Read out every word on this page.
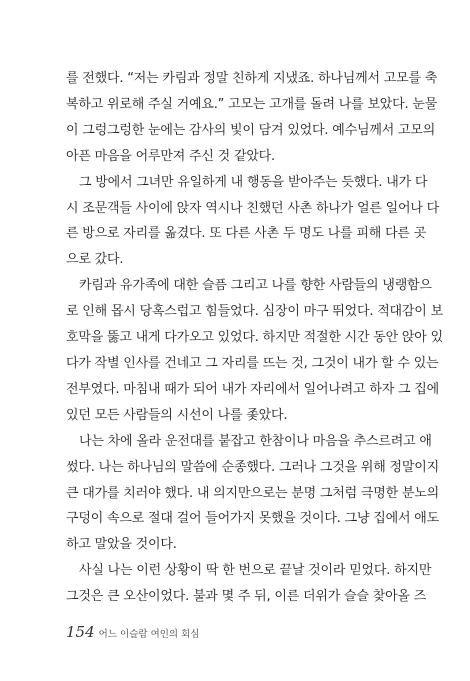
를 전했다. “저는 카림과 정말 친하게 지냈죠. 하나님께서 고모를 축
복하고 위로해 주실 거예요.” 고모는 고개를 돌려 나를 보았다. 눈물
이 그렁그렁한 눈에는 감사의 빛이 담겨 있었다. 예수님께서 고모의
아픈 마음을 어루만져 주신 것 같았다.
그 방에서 그녀만 유일하게 내 행동을 받아주는 듯했다. 내가 다
시 조문객들 사이에 앉자 역시나 친했던 사촌 하나가 얼른 일어나 다
른 방으로 자리를 옮겼다. 또 다른 사촌 두 명도 나를 피해 다른 곳
으로 갔다.
카림과 유가족에 대한 슬픔 그리고 나를 향한 사람들의 냉랭함으
로 인해 몹시 당혹스럽고 힘들었다. 심장이 마구 뛰었다. 적대감이 보
호막을 뚫고 내게 다가오고 있었다. 하지만 적절한 시간 동안 앉아 있
다가 작별 인사를 건네고 그 자리를 뜨는 것, 그것이 내가 할 수 있는
전부였다. 마침내 때가 되어 내가 자리에서 일어나려고 하자 그 집에
있던 모든 사람들의 시선이 나를 좇았다.
나는 차에 올라 운전대를 붙잡고 한참이나 마음을 추스르려고 애
썼다. 나는 하나님의 말씀에 순종했다. 그러나 그것을 위해 정말이지
큰 대가를 치러야 했다. 내 의지만으로는 분명 그처럼 극명한 분노의
구덩이 속으로 절대 걸어 들어가지 못했을 것이다. 그냥 집에서 애도
하고 말았을 것이다.
사실 나는 이런 상황이 딱 한 번으로 끝날 것이라 믿었다. 하지만
그것은 큰 오산이었다. 불과 몇 주 뒤, 이른 더위가 슬슬 찾아올 즈
154 어느 이슬람 여인의 회심
